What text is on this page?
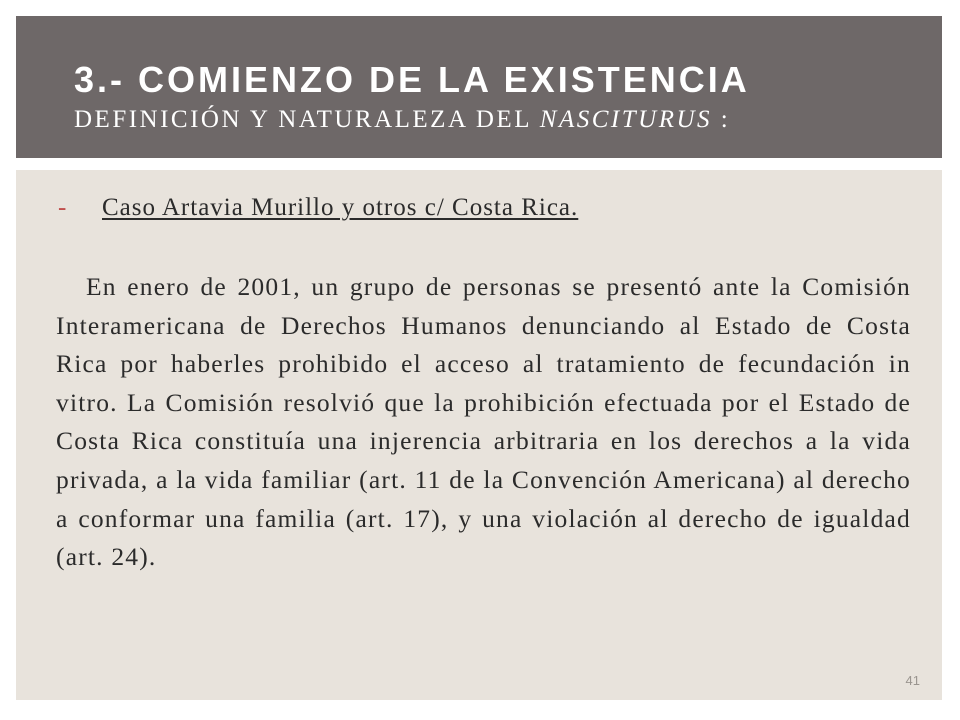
3.- COMIENZO DE LA EXISTENCIA
DEFINICIÓN Y NATURALEZA DEL NASCITURUS :
- Caso Artavia Murillo y otros c/ Costa Rica.

En enero de 2001, un grupo de personas se presentó ante la Comisión Interamericana de Derechos Humanos denunciando al Estado de Costa Rica por haberles prohibido el acceso al tratamiento de fecundación in vitro. La Comisión resolvió que la prohibición efectuada por el Estado de Costa Rica constituía una injerencia arbitraria en los derechos a la vida privada, a la vida familiar (art. 11 de la Convención Americana) al derecho a conformar una familia (art. 17), y una violación al derecho de igualdad (art. 24).

41
